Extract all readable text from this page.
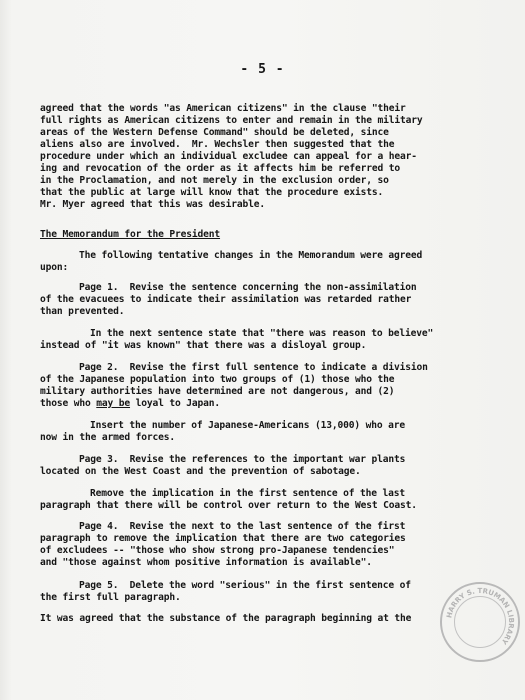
- 5 -
agreed that the words "as American citizens" in the clause "their
full rights as American citizens to enter and remain in the military
areas of the Western Defense Command" should be deleted, since
aliens also are involved.  Mr. Wechsler then suggested that the
procedure under which an individual excludee can appeal for a hear-
ing and revocation of the order as it affects him be referred to
in the Proclamation, and not merely in the exclusion order, so
that the public at large will know that the procedure exists.
Mr. Myer agreed that this was desirable.
The Memorandum for the President
The following tentative changes in the Memorandum were agreed
upon:
Page 1.  Revise the sentence concerning the non-assimilation
of the evacuees to indicate their assimilation was retarded rather
than prevented.
In the next sentence state that "there was reason to believe"
instead of "it was known" that there was a disloyal group.
Page 2.  Revise the first full sentence to indicate a division
of the Japanese population into two groups of (1) those who the
military authorities have determined are not dangerous, and (2)
those who may be loyal to Japan.
Insert the number of Japanese-Americans (13,000) who are
now in the armed forces.
Page 3.  Revise the references to the important war plants
located on the West Coast and the prevention of sabotage.
Remove the implication in the first sentence of the last
paragraph that there will be control over return to the West Coast.
Page 4.  Revise the next to the last sentence of the first
paragraph to remove the implication that there are two categories
of excludees -- "those who show strong pro-Japanese tendencies"
and "those against whom positive information is available".
Page 5.  Delete the word "serious" in the first sentence of
the first full paragraph.
It was agreed that the substance of the paragraph beginning at the	HARRY S. TRUMAN LIBRARY
